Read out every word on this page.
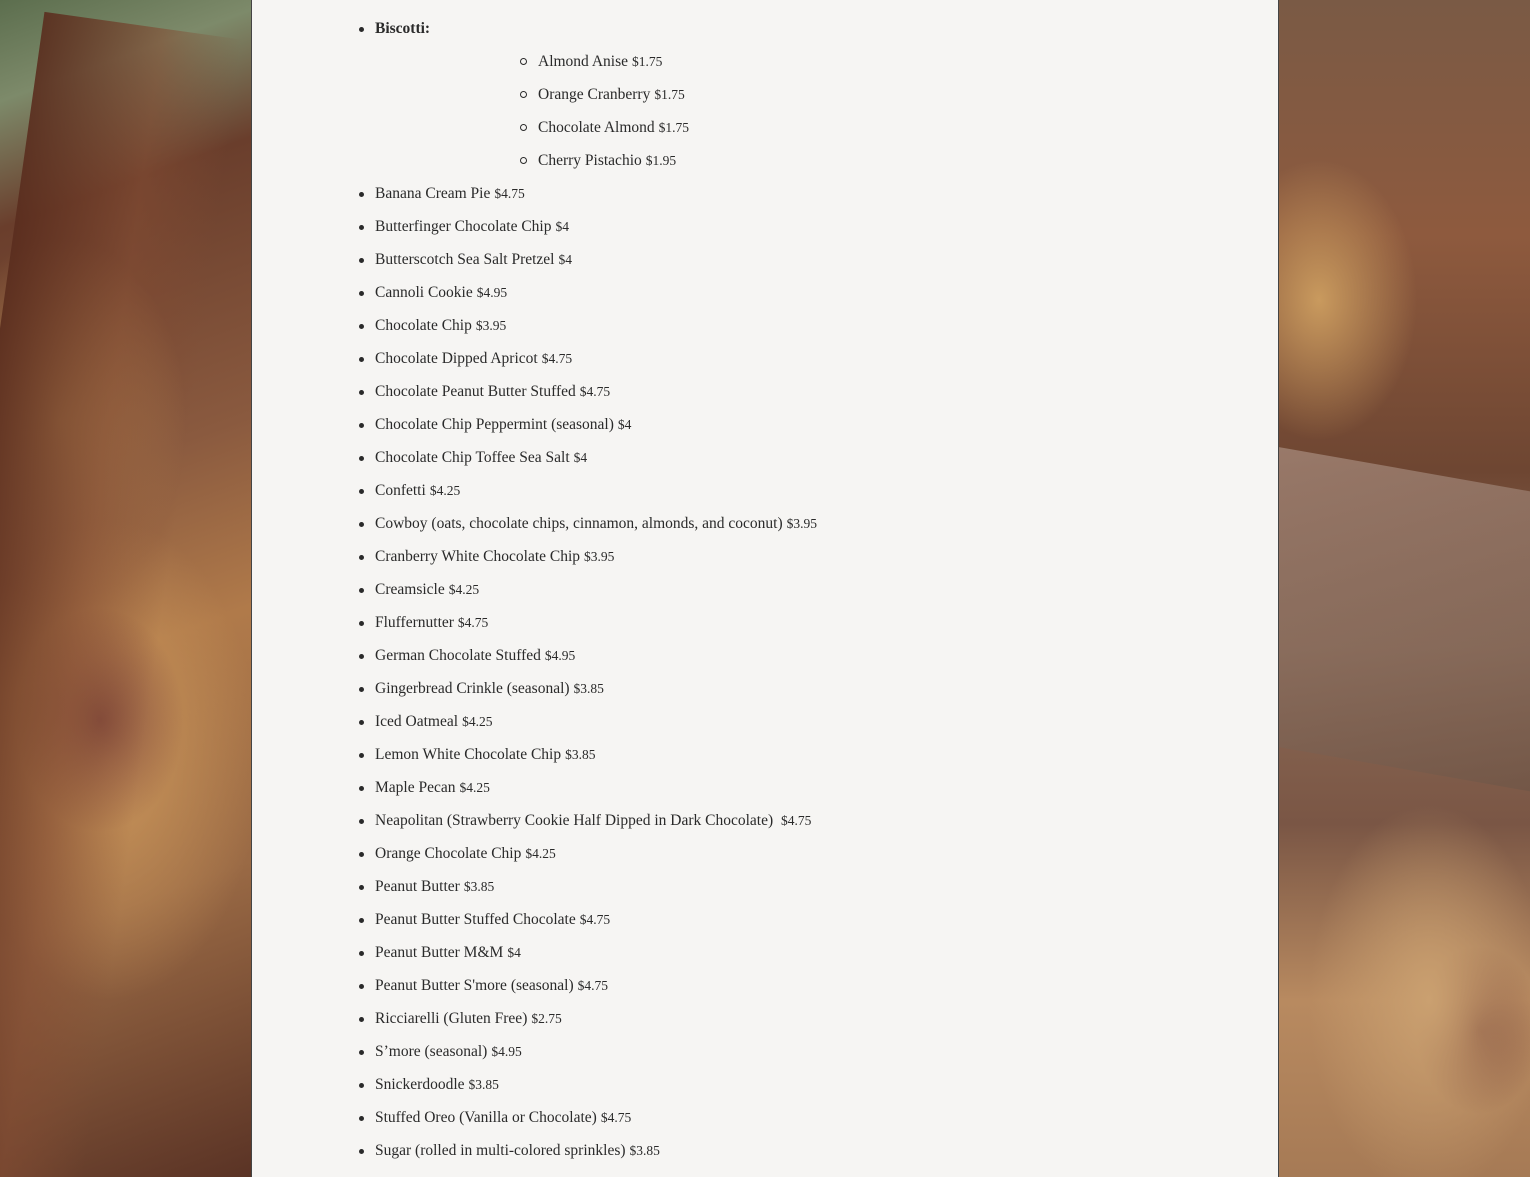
Biscotti:
Almond Anise $1.75
Orange Cranberry $1.75
Chocolate Almond $1.75
Cherry Pistachio $1.95
Banana Cream Pie $4.75
Butterfinger Chocolate Chip $4
Butterscotch Sea Salt Pretzel $4
Cannoli Cookie $4.95
Chocolate Chip $3.95
Chocolate Dipped Apricot $4.75
Chocolate Peanut Butter Stuffed $4.75
Chocolate Chip Peppermint (seasonal) $4
Chocolate Chip Toffee Sea Salt $4
Confetti $4.25
Cowboy (oats, chocolate chips, cinnamon, almonds, and coconut) $3.95
Cranberry White Chocolate Chip $3.95
Creamsicle $4.25
Fluffernutter $4.75
German Chocolate Stuffed $4.95
Gingerbread Crinkle (seasonal) $3.85
Iced Oatmeal $4.25
Lemon White Chocolate Chip $3.85
Maple Pecan $4.25
Neapolitan (Strawberry Cookie Half Dipped in Dark Chocolate) $4.75
Orange Chocolate Chip $4.25
Peanut Butter $3.85
Peanut Butter Stuffed Chocolate $4.75
Peanut Butter M&M $4
Peanut Butter S'more (seasonal) $4.75
Ricciarelli (Gluten Free) $2.75
S’more (seasonal) $4.95
Snickerdoodle $3.85
Stuffed Oreo (Vanilla or Chocolate) $4.75
Sugar (rolled in multi-colored sprinkles) $3.85
